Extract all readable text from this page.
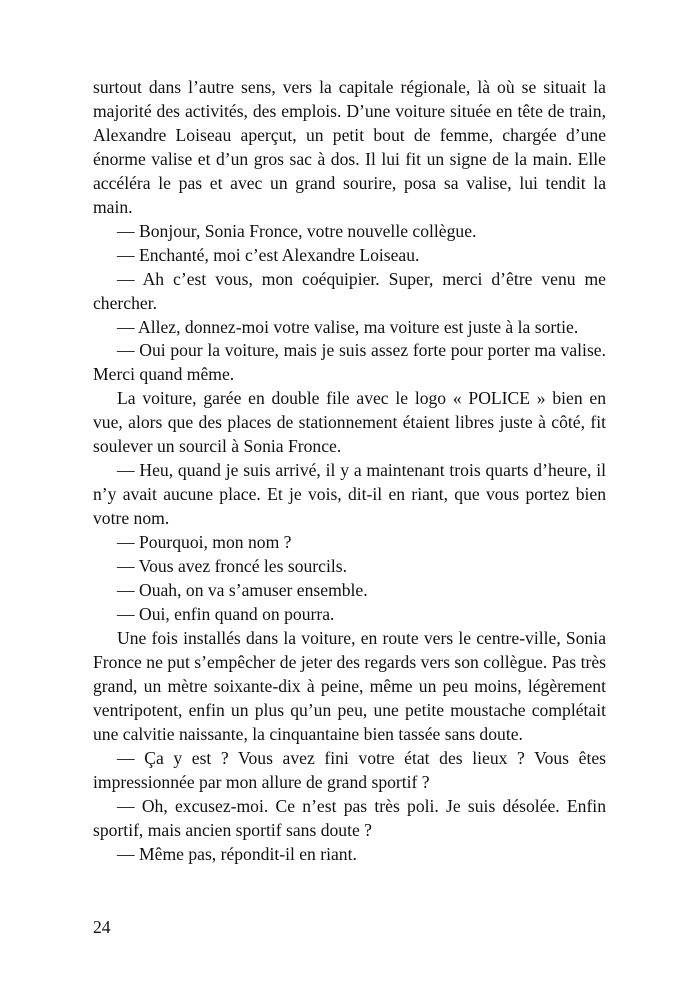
surtout dans l’autre sens, vers la capitale régionale, là où se situait la majorité des activités, des emplois. D’une voiture située en tête de train, Alexandre Loiseau aperçut, un petit bout de femme, chargée d’une énorme valise et d’un gros sac à dos. Il lui fit un signe de la main. Elle accéléra le pas et avec un grand sourire, posa sa valise, lui tendit la main.

— Bonjour, Sonia Fronce, votre nouvelle collègue.

— Enchanté, moi c’est Alexandre Loiseau.

— Ah c’est vous, mon coéquipier. Super, merci d’être venu me chercher.

— Allez, donnez-moi votre valise, ma voiture est juste à la sortie.

— Oui pour la voiture, mais je suis assez forte pour porter ma valise. Merci quand même.

La voiture, garée en double file avec le logo « POLICE » bien en vue, alors que des places de stationnement étaient libres juste à côté, fit soulever un sourcil à Sonia Fronce.

— Heu, quand je suis arrivé, il y a maintenant trois quarts d’heure, il n’y avait aucune place. Et je vois, dit-il en riant, que vous portez bien votre nom.

— Pourquoi, mon nom ?

— Vous avez froncé les sourcils.

— Ouah, on va s’amuser ensemble.

— Oui, enfin quand on pourra.

Une fois installés dans la voiture, en route vers le centre-ville, Sonia Fronce ne put s’empêcher de jeter des regards vers son collègue. Pas très grand, un mètre soixante-dix à peine, même un peu moins, légèrement ventripotent, enfin un plus qu’un peu, une petite moustache complétait une calvitie naissante, la cinquantaine bien tassée sans doute.

— Ça y est ? Vous avez fini votre état des lieux ? Vous êtes impressionnée par mon allure de grand sportif ?

— Oh, excusez-moi. Ce n’est pas très poli. Je suis désolée. Enfin sportif, mais ancien sportif sans doute ?

— Même pas, répondit-il en riant.

24
